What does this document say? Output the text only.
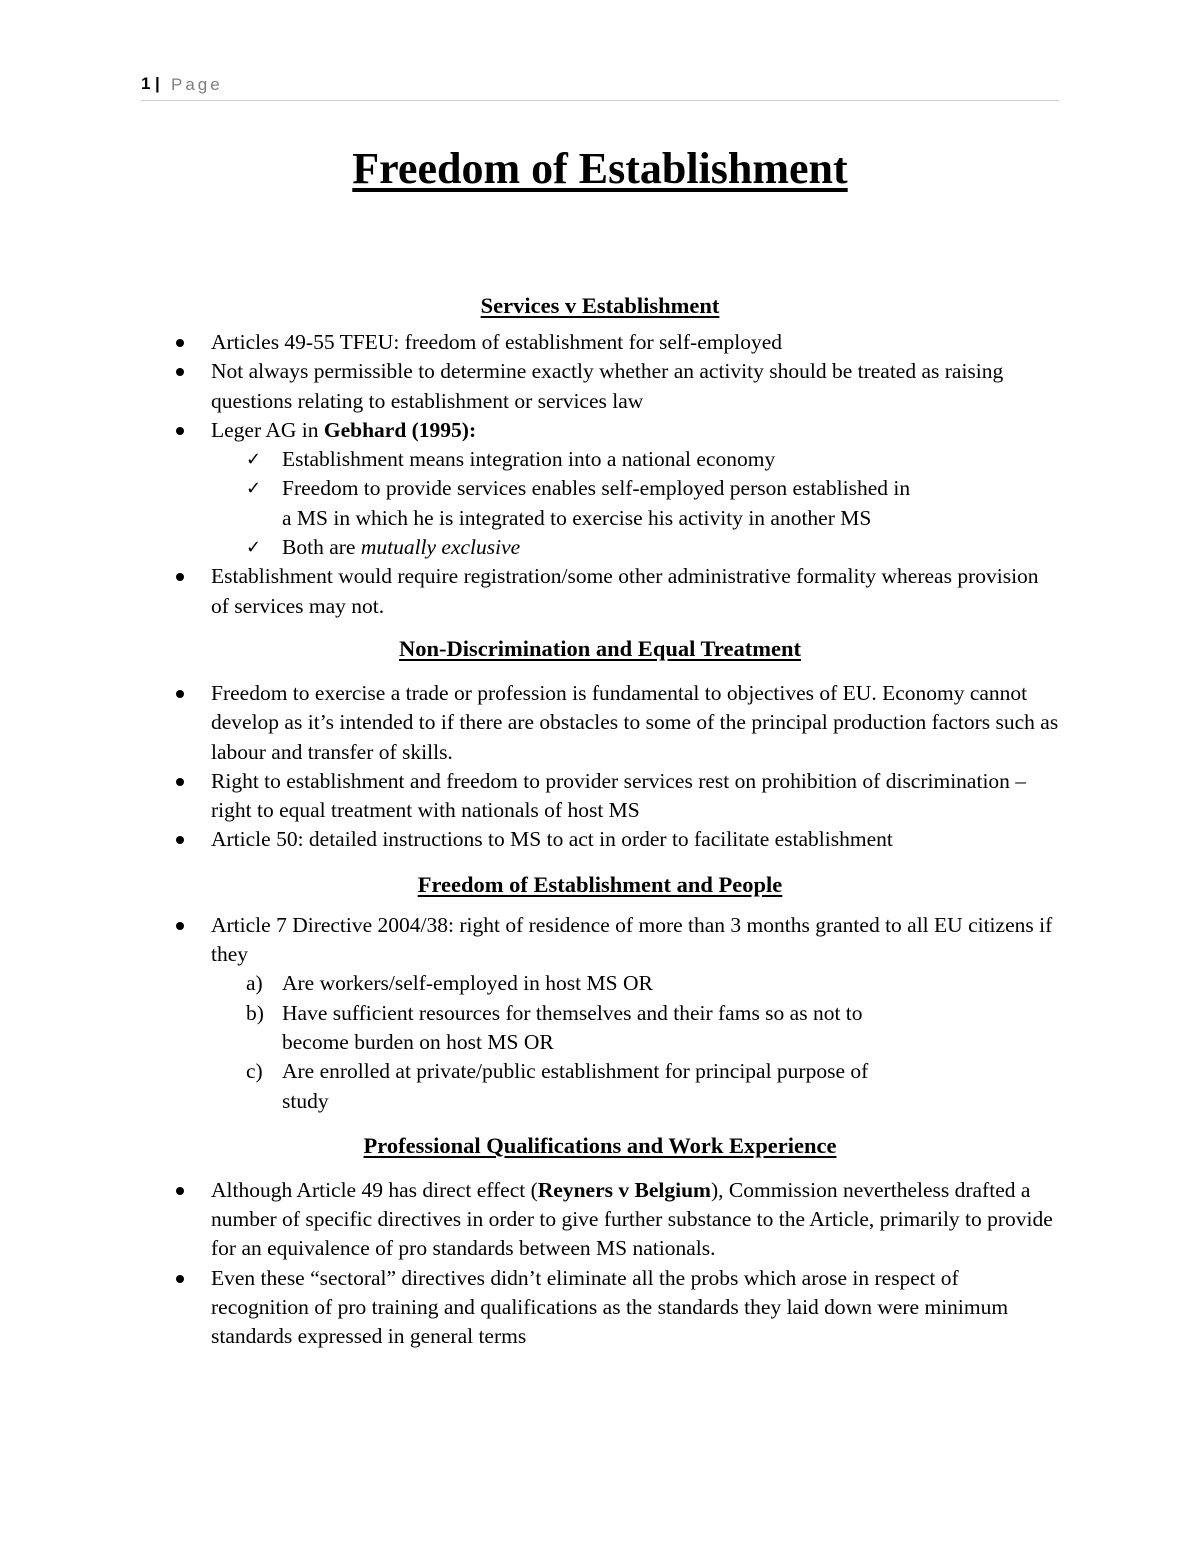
1 | Page
Freedom of Establishment
Services v Establishment
Articles 49-55 TFEU: freedom of establishment for self-employed
Not always permissible to determine exactly whether an activity should be treated as raising questions relating to establishment or services law
Leger AG in Gebhard (1995):
✓ Establishment means integration into a national economy
✓ Freedom to provide services enables self-employed person established in a MS in which he is integrated to exercise his activity in another MS
✓ Both are mutually exclusive
Establishment would require registration/some other administrative formality whereas provision of services may not.
Non-Discrimination and Equal Treatment
Freedom to exercise a trade or profession is fundamental to objectives of EU. Economy cannot develop as it’s intended to if there are obstacles to some of the principal production factors such as labour and transfer of skills.
Right to establishment and freedom to provider services rest on prohibition of discrimination – right to equal treatment with nationals of host MS
Article 50: detailed instructions to MS to act in order to facilitate establishment
Freedom of Establishment and People
Article 7 Directive 2004/38: right of residence of more than 3 months granted to all EU citizens if they
a) Are workers/self-employed in host MS OR
b) Have sufficient resources for themselves and their fams so as not to become burden on host MS OR
c) Are enrolled at private/public establishment for principal purpose of study
Professional Qualifications and Work Experience
Although Article 49 has direct effect (Reyners v Belgium), Commission nevertheless drafted a number of specific directives in order to give further substance to the Article, primarily to provide for an equivalence of pro standards between MS nationals.
Even these “sectoral” directives didn’t eliminate all the probs which arose in respect of recognition of pro training and qualifications as the standards they laid down were minimum standards expressed in general terms
